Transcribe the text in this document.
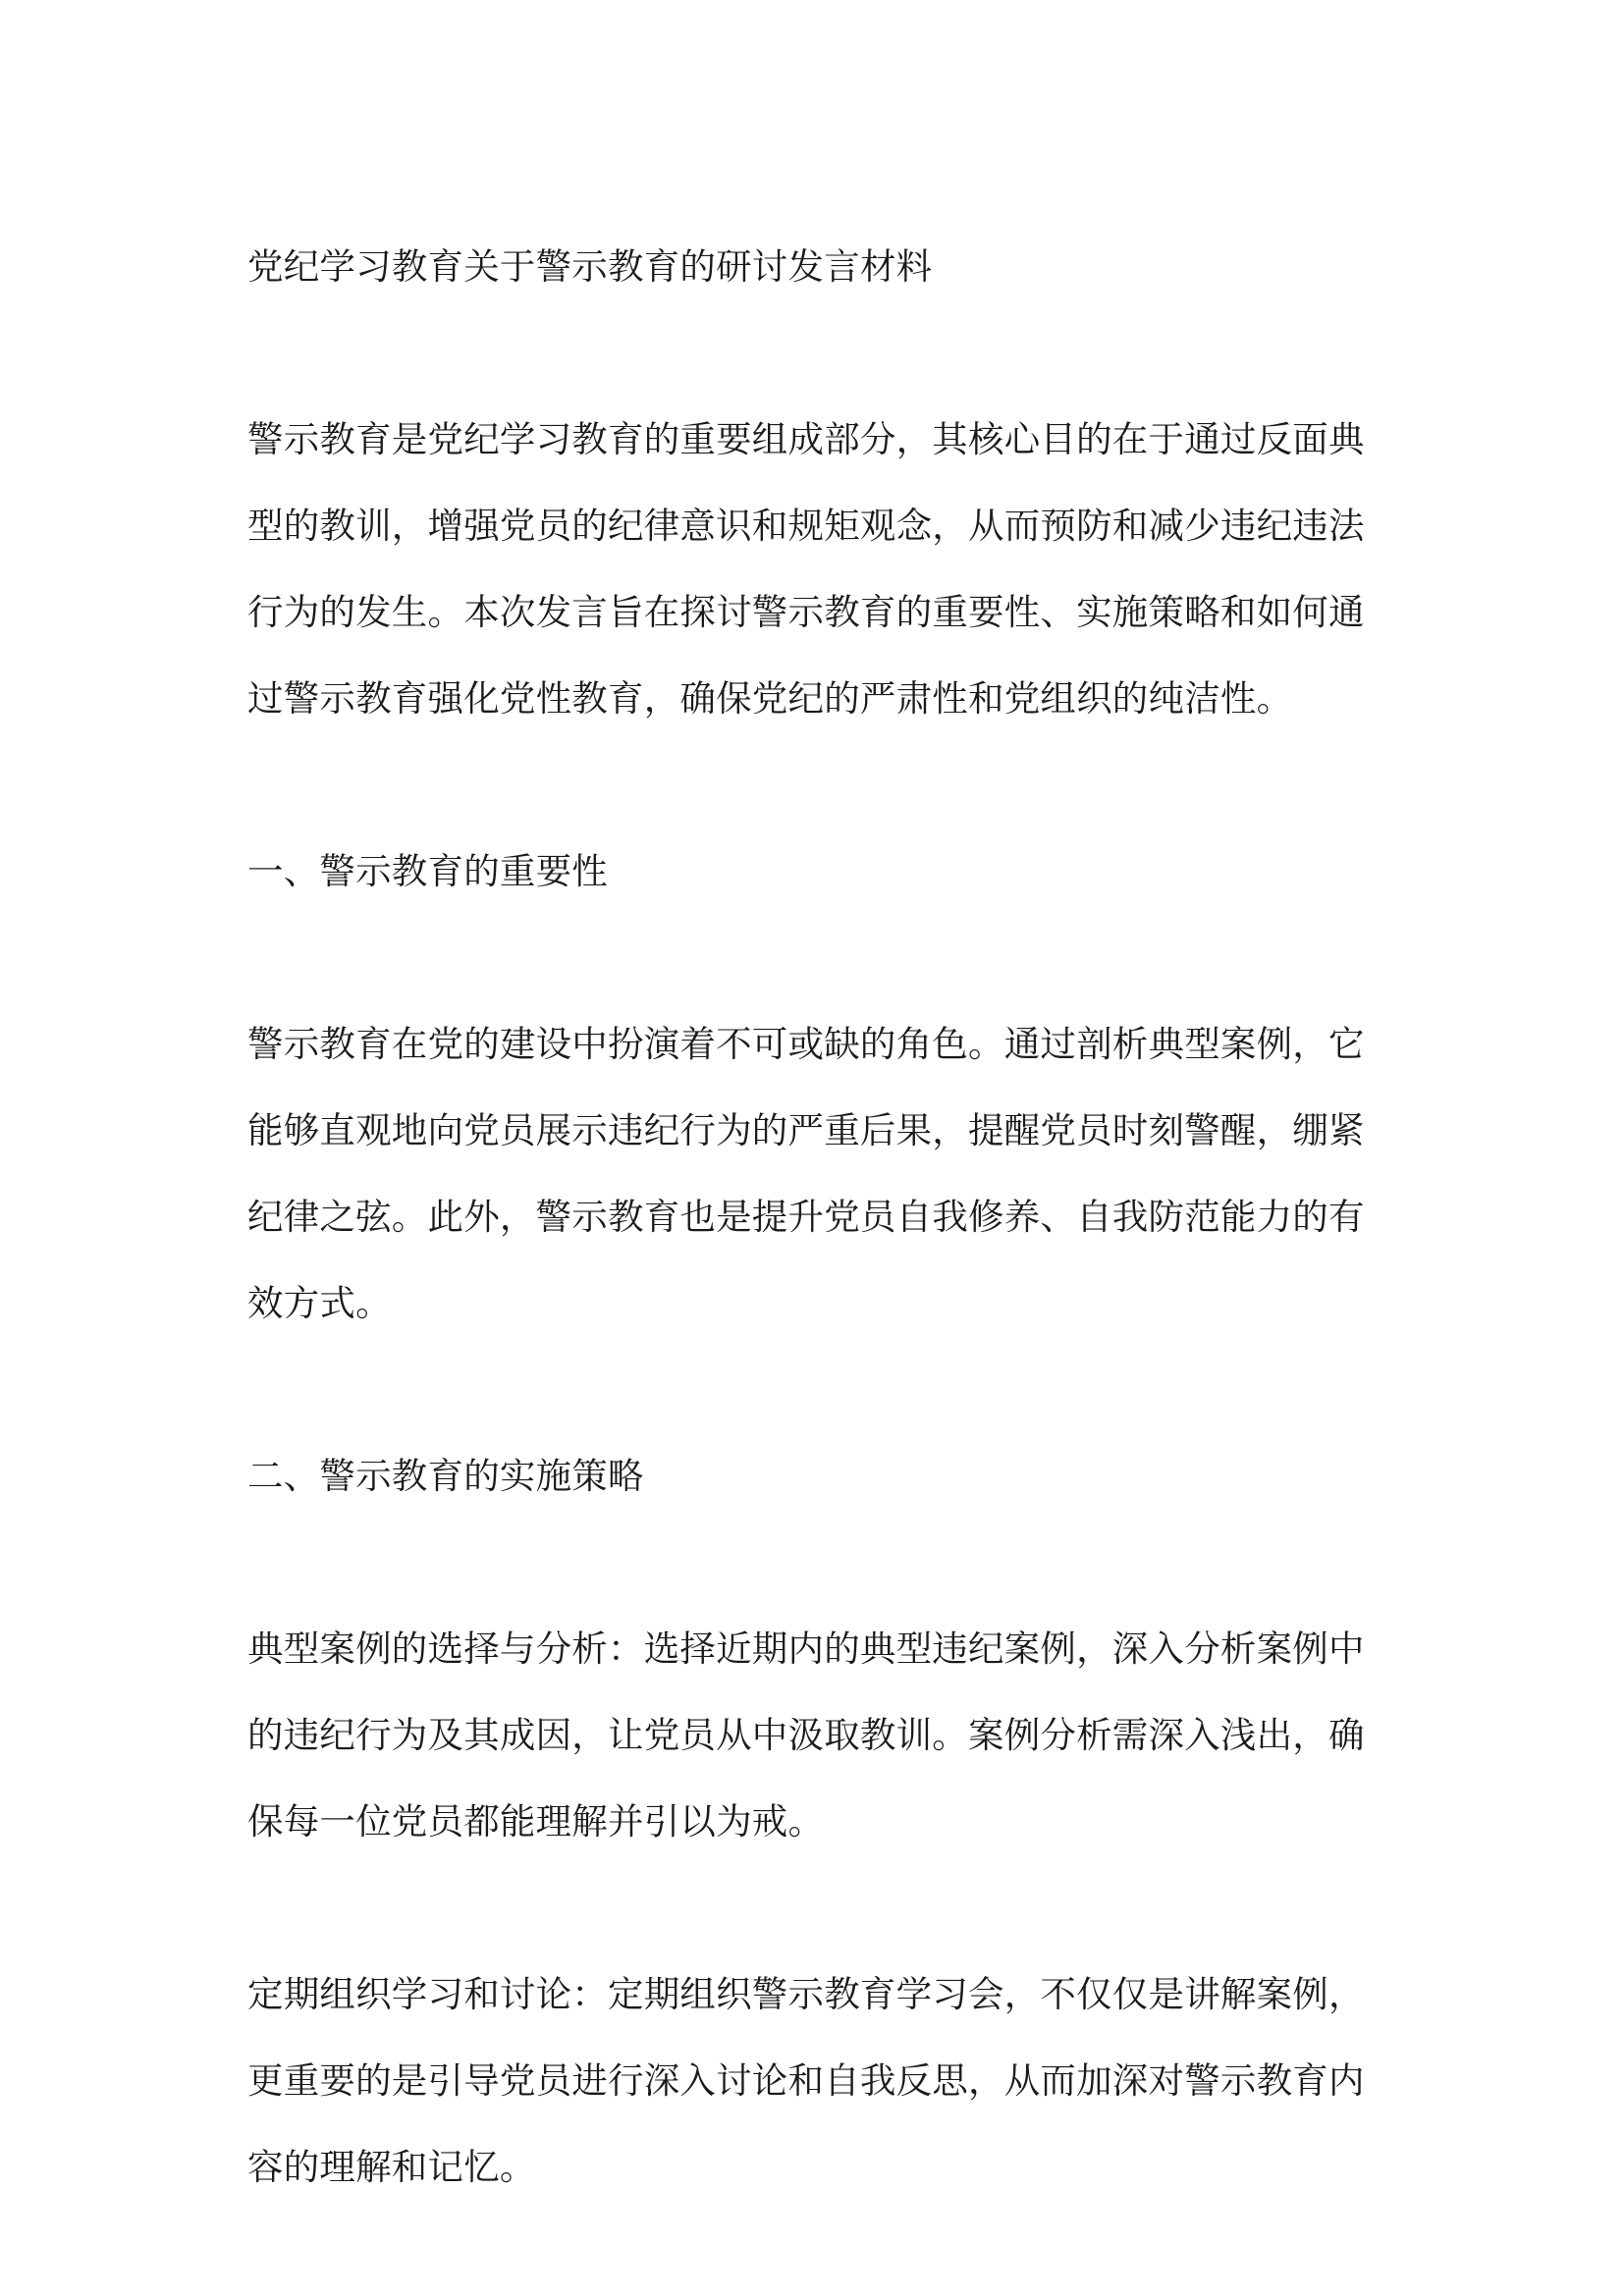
党纪学习教育关于警示教育的研讨发言材料

警示教育是党纪学习教育的重要组成部分，其核心目的在于通过反面典型的教训，增强党员的纪律意识和规矩观念，从而预防和减少违纪违法行为的发生。本次发言旨在探讨警示教育的重要性、实施策略和如何通过警示教育强化党性教育，确保党纪的严肃性和党组织的纯洁性。

一、警示教育的重要性

警示教育在党的建设中扮演着不可或缺的角色。通过剖析典型案例，它能够直观地向党员展示违纪行为的严重后果，提醒党员时刻警醒，绷紧纪律之弦。此外，警示教育也是提升党员自我修养、自我防范能力的有效方式。

二、警示教育的实施策略

典型案例的选择与分析：选择近期内的典型违纪案例，深入分析案例中的违纪行为及其成因，让党员从中汲取教训。案例分析需深入浅出，确保每一位党员都能理解并引以为戒。

定期组织学习和讨论：定期组织警示教育学习会，不仅仅是讲解案例，更重要的是引导党员进行深入讨论和自我反思，从而加深对警示教育内容的理解和记忆。
